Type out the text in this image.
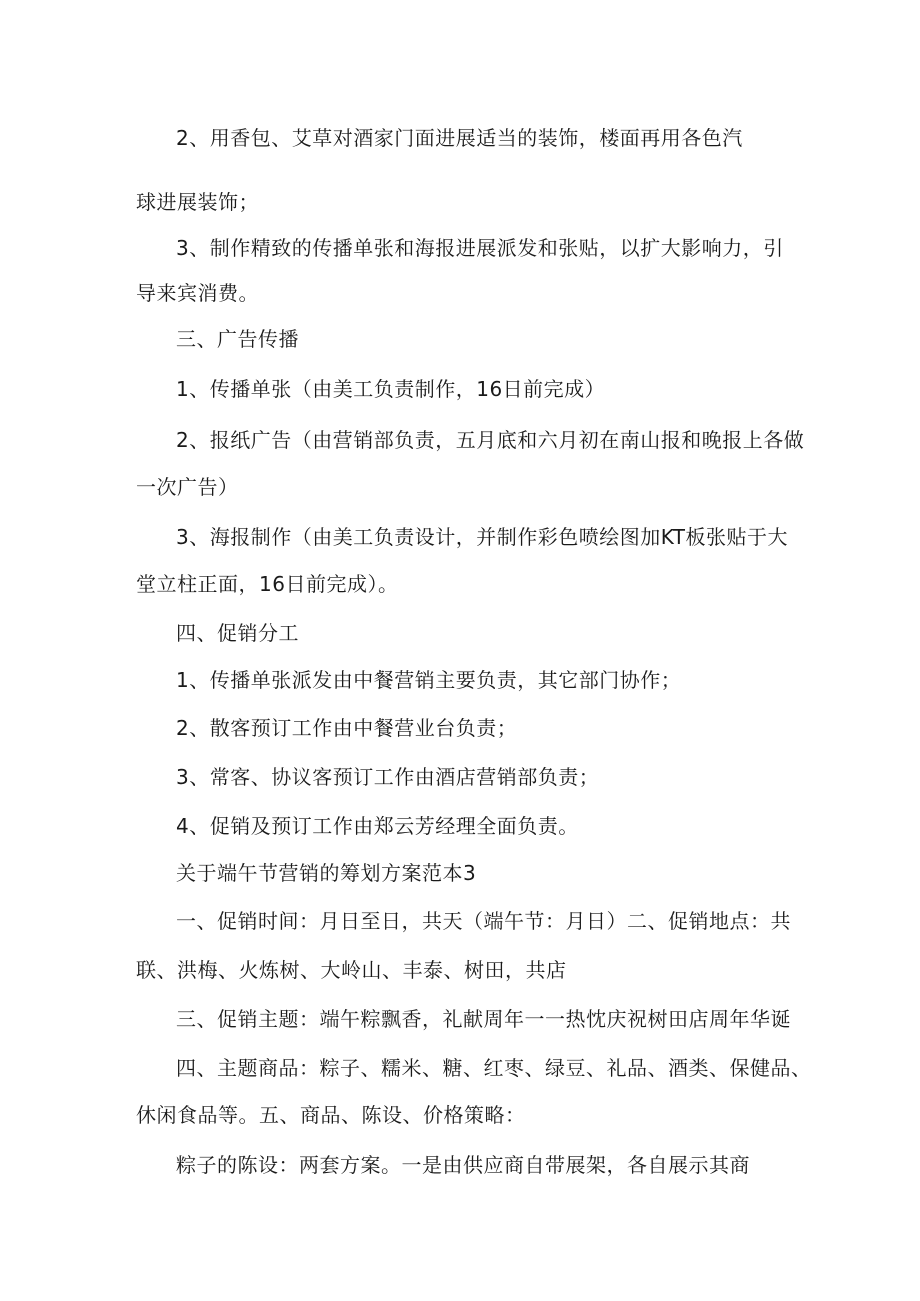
2、用香包、艾草对酒家门面进展适当的装饰，楼面再用各色汽
球进展装饰；
3、制作精致的传播单张和海报进展派发和张贴，以扩大影响力，引
导来宾消费。
三、广告传播
1、传播单张（由美工负责制作，16日前完成）
2、报纸广告（由营销部负责，五月底和六月初在南山报和晚报上各做
一次广告）
3、海报制作（由美工负责设计，并制作彩色喷绘图加KT板张贴于大
堂立柱正面，16日前完成）。
四、促销分工
1、传播单张派发由中餐营销主要负责，其它部门协作；
2、散客预订工作由中餐营业台负责；
3、常客、协议客预订工作由酒店营销部负责；
4、促销及预订工作由郑云芳经理全面负责。
关于端午节营销的筹划方案范本3
一、促销时间：月日至日，共天（端午节：月日）二、促销地点：共
联、洪梅、火炼树、大岭山、丰泰、树田，共店
三、促销主题：端午粽飘香，礼献周年一一热忱庆祝树田店周年华诞
四、主题商品：粽子、糯米、糖、红枣、绿豆、礼品、酒类、保健品、
休闲食品等。五、商品、陈设、价格策略：
粽子的陈设：两套方案。一是由供应商自带展架，各自展示其商
